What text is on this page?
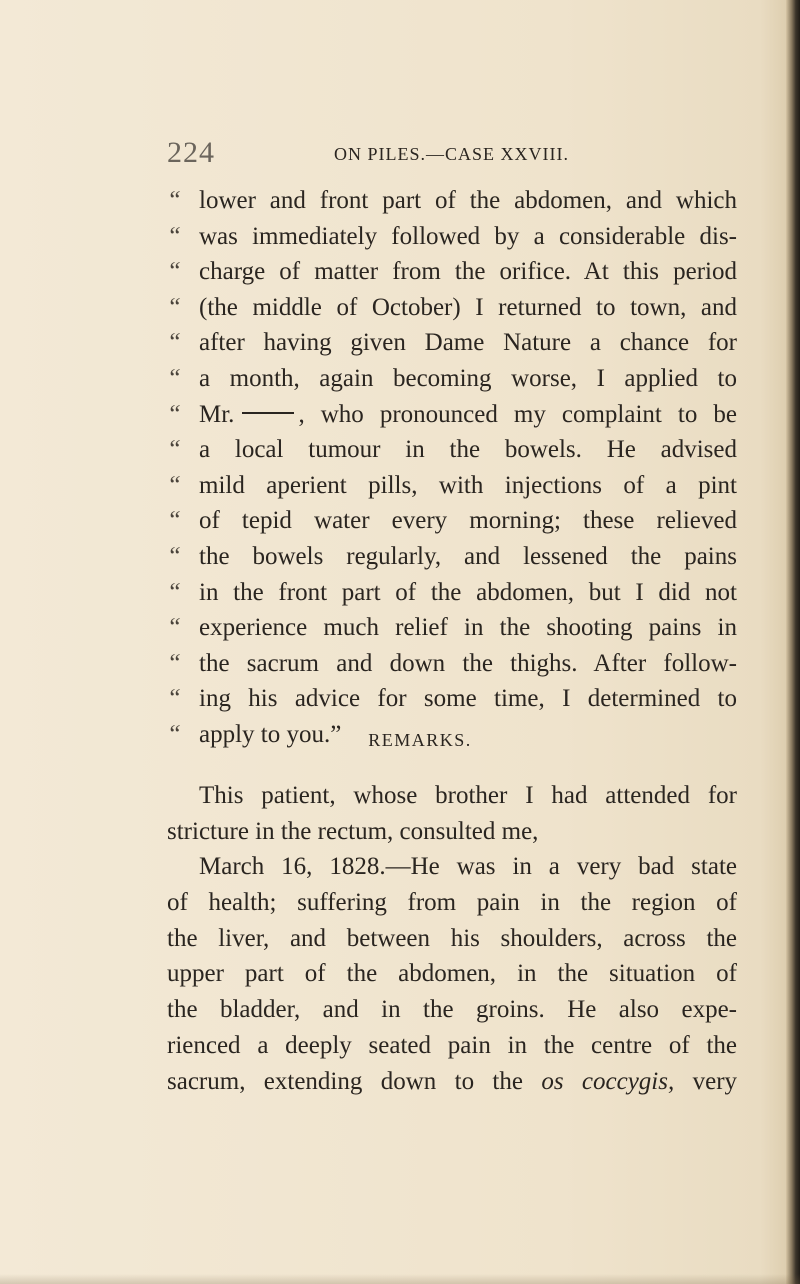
224	ON PILES.—CASE XXVIII.
“ lower and front part of the abdomen, and which
“ was immediately followed by a considerable dis-
“ charge of matter from the orifice. At this period
“ (the middle of October) I returned to town, and
“ after having given Dame Nature a chance for
“ a month, again becoming worse, I applied to
“ Mr.	, who pronounced my complaint to be
“ a local tumour in the bowels. He advised
“ mild aperient pills, with injections of a pint
“ of tepid water every morning; these relieved
“ the bowels regularly, and lessened the pains
“ in the front part of the abdomen, but I did not
“ experience much relief in the shooting pains in
“ the sacrum and down the thighs. After follow-
“ ing his advice for some time, I determined to
“ apply to you.”	REMARKS.
This patient, whose brother I had attended for
stricture in the rectum, consulted me,
March 16, 1828.—He was in a very bad state
of health; suffering from pain in the region of
the liver, and between his shoulders, across the
upper part of the abdomen, in the situation of
the bladder, and in the groins. He also expe-
rienced a deeply seated pain in the centre of the
sacrum, extending down to the os coccygis, very
